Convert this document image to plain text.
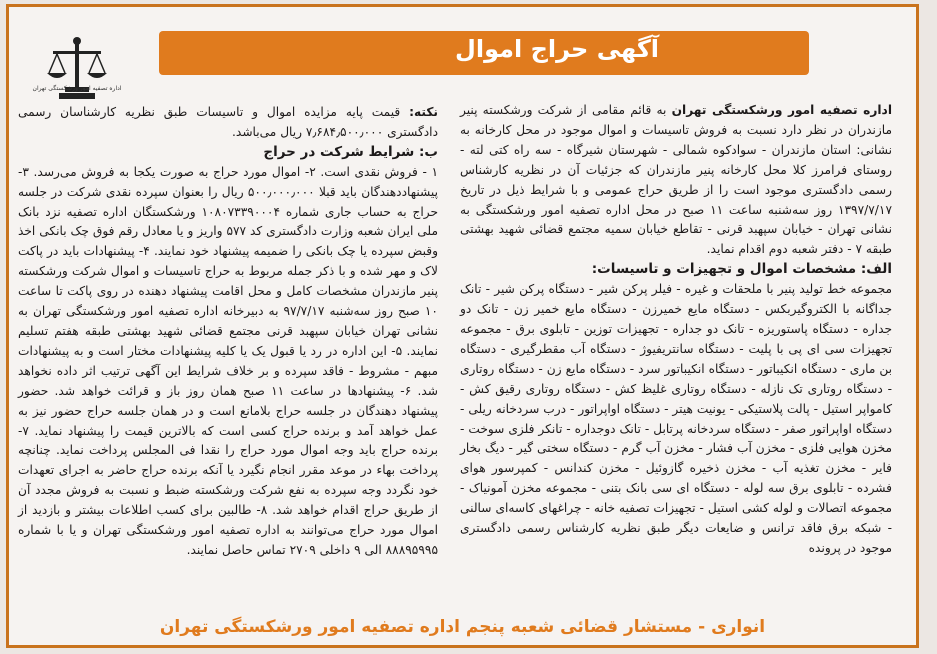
اداره تصفیه امور ورشکستگی تهران
آگهی حراج اموال

اداره تصفیه امور ورشکستگی تهران به قائم مقامی از شرکت ورشکسته پنیر مازندران در نظر دارد نسبت به فروش تاسیسات و اموال موجود در محل کارخانه به نشانی: استان مازندران - سوادکوه شمالی - شهرستان شیرگاه - سه راه کتی لته - روستای فرامرز کلا محل کارخانه پنیر مازندران که جزئیات آن در نظریه کارشناس رسمی دادگستری موجود است را از طریق حراج عمومی و با شرایط ذیل در تاریخ ۱۳۹۷/۷/۱۷ روز سه‌شنبه ساعت ۱۱ صبح در محل اداره تصفیه امور ورشکستگی به نشانی تهران - خیابان سپهبد قرنی - تقاطع خیابان سمیه مجتمع قضائی شهید بهشتی طبقه ۷ - دفتر شعبه دوم اقدام نماید.

الف: مشخصات اموال و تجهیزات و تاسیسات:

مجموعه خط تولید پنیر با ملحقات و غیره - فیلر پرکن شیر - دستگاه پرکن شیر - تانک جداگانه با الکتروگیربکس - دستگاه مایع خمیرزن - دستگاه مایع خمیر زن - تانک دو جداره - دستگاه پاستوریزه - تانک دو جداره - تجهیزات توزین - تابلوی برق - مجموعه تجهیزات سی ای پی با پلیت - دستگاه سانتریفیوژ - دستگاه آب مقطرگیری - دستگاه بن ماری - دستگاه انکیباتور - دستگاه انکیباتور سرد - دستگاه مایع زن - دستگاه روتاری - دستگاه روتاری تک نازله - دستگاه روتاری غلیظ کش - دستگاه روتاری رقیق کش - کامواپر استیل - پالت پلاستیکی - یونیت هیتر - دستگاه اواپراتور - درب سردخانه ریلی - دستگاه اواپراتور صفر - دستگاه سردخانه پرتابل - تانک دوجداره - تانکر فلزی سوخت - مخزن هوایی فلزی - مخزن آب فشار - مخزن آب گرم - دستگاه سختی گیر - دیگ بخار فایر - مخزن تغذیه آب - مخزن ذخیره گازوئیل - مخزن کندانس - کمپرسور هوای فشرده - تابلوی برق سه لوله - دستگاه ای سی بانک بتنی - مجموعه مخزن آمونیاک - مجموعه اتصالات و لوله کشی استیل - تجهیزات تصفیه خانه - چراغهای کاسه‌ای سالنی - شبکه برق فاقد ترانس و ضایعات دیگر طبق نظریه کارشناس رسمی دادگستری موجود در پرونده

نکته: قیمت پایه مزایده اموال و تاسیسات طبق نظریه کارشناسان رسمی دادگستری ۷٫۶۸۴٫۵۰۰٫۰۰۰ ریال می‌باشد.

ب: شرایط شرکت در حراج

۱ - فروش نقدی است. ۲- اموال مورد حراج به صورت یکجا به فروش می‌رسد. ۳- پیشنهاددهندگان باید قبلا ۵۰۰٫۰۰۰٫۰۰۰ ریال را بعنوان سپرده نقدی شرکت در جلسه حراج به حساب جاری شماره ۱۰۸۰۷۳۳۹۰۰۰۴ ورشکستگان اداره تصفیه نزد بانک ملی ایران شعبه وزارت دادگستری کد ۵۷۷ واریز و یا معادل رقم فوق چک بانکی اخذ وقبض سپرده یا چک بانکی را ضمیمه پیشنهاد خود نمایند. ۴- پیشنهادات باید در پاکت لاک و مهر شده و با ذکر جمله مربوط به حراج تاسیسات و اموال شرکت ورشکسته پنیر مازندران مشخصات کامل و محل اقامت پیشنهاد دهنده در روی پاکت تا ساعت ۱۰ صبح روز سه‌شنبه ۹۷/۷/۱۷ به دبیرخانه اداره تصفیه امور ورشکستگی تهران به نشانی تهران خیابان سپهبد قرنی مجتمع قضائی شهید بهشتی طبقه هفتم تسلیم نمایند. ۵- این اداره در رد یا قبول یک یا کلیه پیشنهادات مختار است و به پیشنهادات مبهم - مشروط - فاقد سپرده و بر خلاف شرایط این آگهی ترتیب اثر داده نخواهد شد. ۶- پیشنهادها در ساعت ۱۱ صبح همان روز باز و قرائت خواهد شد. حضور پیشنهاد دهندگان در جلسه حراج بلامانع است و در همان جلسه حراج حضور نیز به عمل خواهد آمد و برنده حراج کسی است که بالاترین قیمت را پیشنهاد نماید. ۷- برنده حراج باید وجه اموال مورد حراج را نقدا فی المجلس پرداخت نماید. چنانچه پرداخت بهاء در موعد مقرر انجام نگیرد یا آنکه برنده حراج حاضر به اجرای تعهدات خود نگردد وجه سپرده به نفع شرکت ورشکسته ضبط و نسبت به فروش مجدد آن از طریق حراج اقدام خواهد شد. ۸- طالبین برای کسب اطلاعات بیشتر و بازدید از اموال مورد حراج می‌توانند به اداره تصفیه امور ورشکستگی تهران و یا با شماره ۸۸۸۹۵۹۹۵ الی ۹ داخلی ۲۷۰۹ تماس حاصل نمایند.

انواری - مستشار قضائی شعبه پنجم اداره تصفیه امور ورشکستگی تهران
